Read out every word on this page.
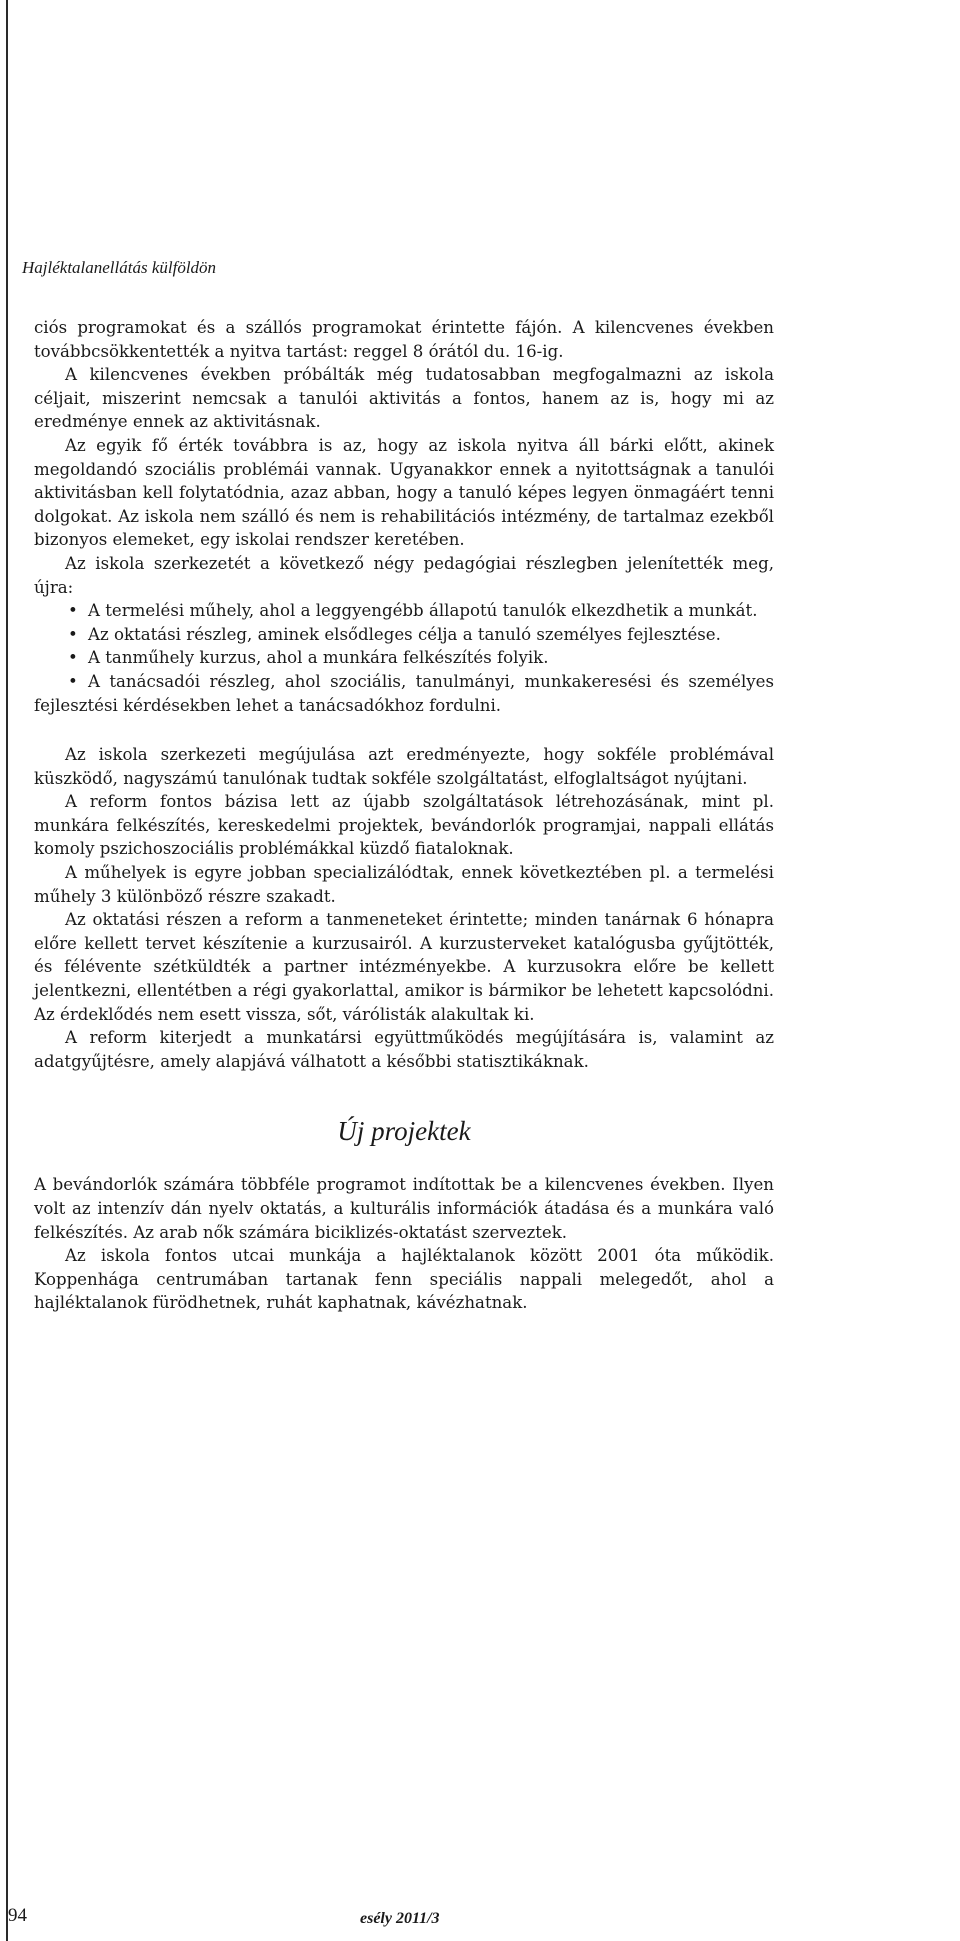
Hajléktalanellátás külföldön

ciós programokat és a szállós programokat érintette fájón. A kilencvenes években továbbcsökkentették a nyitva tartást: reggel 8 órától du. 16-ig.

A kilencvenes években próbálták még tudatosabban megfogalmazni az iskola céljait, miszerint nemcsak a tanulói aktivitás a fontos, hanem az is, hogy mi az eredménye ennek az aktivitásnak.

Az egyik fő érték továbbra is az, hogy az iskola nyitva áll bárki előtt, akinek megoldandó szociális problémái vannak. Ugyanakkor ennek a nyitottságnak a tanulói aktivitásban kell folytatódnia, azaz abban, hogy a tanuló képes legyen önmagáért tenni dolgokat. Az iskola nem szálló és nem is rehabilitációs intézmény, de tartalmaz ezekből bizonyos elemeket, egy iskolai rendszer keretében.

Az iskola szerkezetét a következő négy pedagógiai részlegben jelenítették meg, újra:

• A termelési műhely, ahol a leggyengébb állapotú tanulók elkezdhetik a munkát.

• Az oktatási részleg, aminek elsődleges célja a tanuló személyes fejlesztése.

• A tanműhely kurzus, ahol a munkára felkészítés folyik.

• A tanácsadói részleg, ahol szociális, tanulmányi, munkakeresési és személyes fejlesztési kérdésekben lehet a tanácsadókhoz fordulni.

Az iskola szerkezeti megújulása azt eredményezte, hogy sokféle problémával küszködő, nagyszámú tanulónak tudtak sokféle szolgáltatást, elfoglaltságot nyújtani.

A reform fontos bázisa lett az újabb szolgáltatások létrehozásának, mint pl. munkára felkészítés, kereskedelmi projektek, bevándorlók programjai, nappali ellátás komoly pszichoszociális problémákkal küzdő fiataloknak.

A műhelyek is egyre jobban specializálódtak, ennek következtében pl. a termelési műhely 3 különböző részre szakadt.

Az oktatási részen a reform a tanmeneteket érintette; minden tanárnak 6 hónapra előre kellett tervet készítenie a kurzusairól. A kurzusterveket katalógusba gyűjtötték, és félévente szétküldték a partner intézményekbe. A kurzusokra előre be kellett jelentkezni, ellentétben a régi gyakorlattal, amikor is bármikor be lehetett kapcsolódni. Az érdeklődés nem esett vissza, sőt, várólisták alakultak ki.

A reform kiterjedt a munkatársi együttműködés megújítására is, valamint az adatgyűjtésre, amely alapjává válhatott a későbbi statisztikáknak.

Új projektek

A bevándorlók számára többféle programot indítottak be a kilencvenes években. Ilyen volt az intenzív dán nyelv oktatás, a kulturális információk átadása és a munkára való felkészítés. Az arab nők számára biciklizés-oktatást szerveztek.

Az iskola fontos utcai munkája a hajléktalanok között 2001 óta működik. Koppenhága centrumában tartanak fenn speciális nappali melegedőt, ahol a hajléktalanok fürödhetnek, ruhát kaphatnak, kávézhatnak.

94	esély 2011/3
